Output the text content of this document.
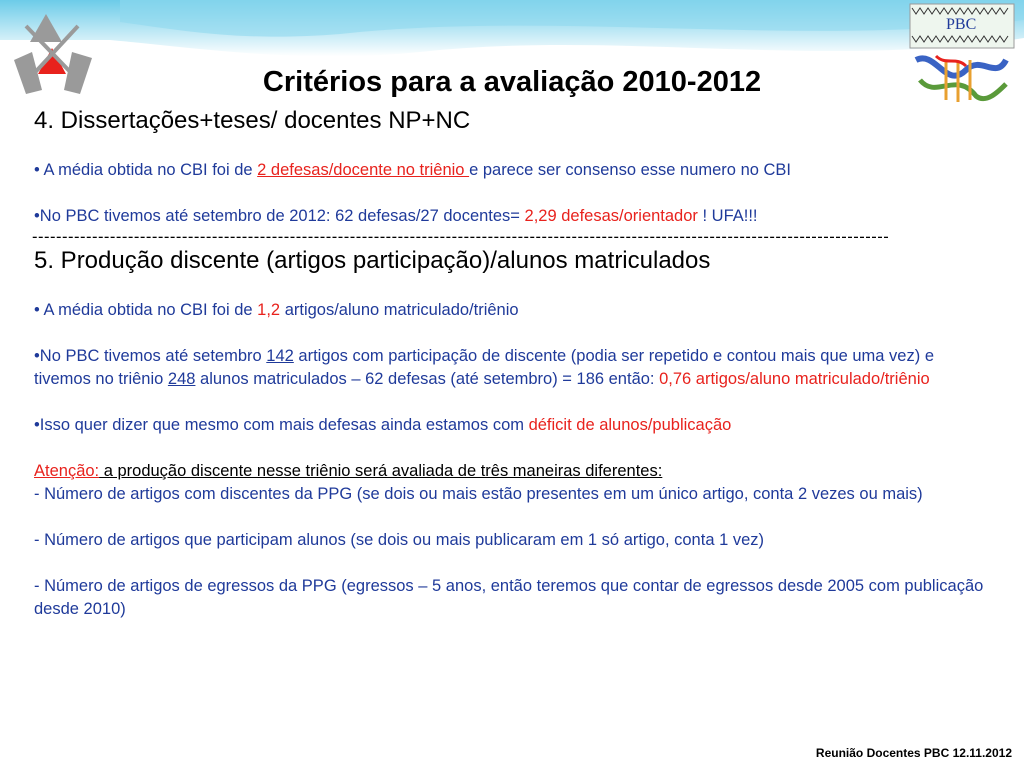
PBC
Critérios para a avaliação 2010-2012

4. Dissertações+teses/ docentes NP+NC

• A média obtida no CBI foi de 2 defesas/docente no triênio e parece ser consenso esse numero no CBI

•No PBC tivemos até setembro de 2012: 62 defesas/27 docentes= 2,29 defesas/orientador ! UFA!!!

-----------------------------------------------------------------------------------------------------------------------------------------------

5. Produção discente (artigos participação)/alunos matriculados

• A média obtida no CBI foi de 1,2 artigos/aluno matriculado/triênio

•No PBC tivemos até setembro 142 artigos com participação de discente (podia ser repetido e contou mais que uma vez) e tivemos no triênio 248 alunos matriculados – 62 defesas (até setembro) = 186 então: 0,76 artigos/aluno matriculado/triênio

•Isso quer dizer que mesmo com mais defesas ainda estamos com déficit de alunos/publicação

Atenção: a produção discente nesse triênio será avaliada de três maneiras diferentes:

- Número de artigos com discentes da PPG (se dois ou mais estão presentes em um único artigo, conta 2 vezes ou mais)

- Número de artigos que participam alunos (se dois ou mais publicaram em 1 só artigo, conta 1 vez)

- Número de artigos de egressos da PPG (egressos – 5 anos, então teremos que contar de egressos desde 2005 com publicação desde 2010)

Reunião Docentes PBC 12.11.2012
